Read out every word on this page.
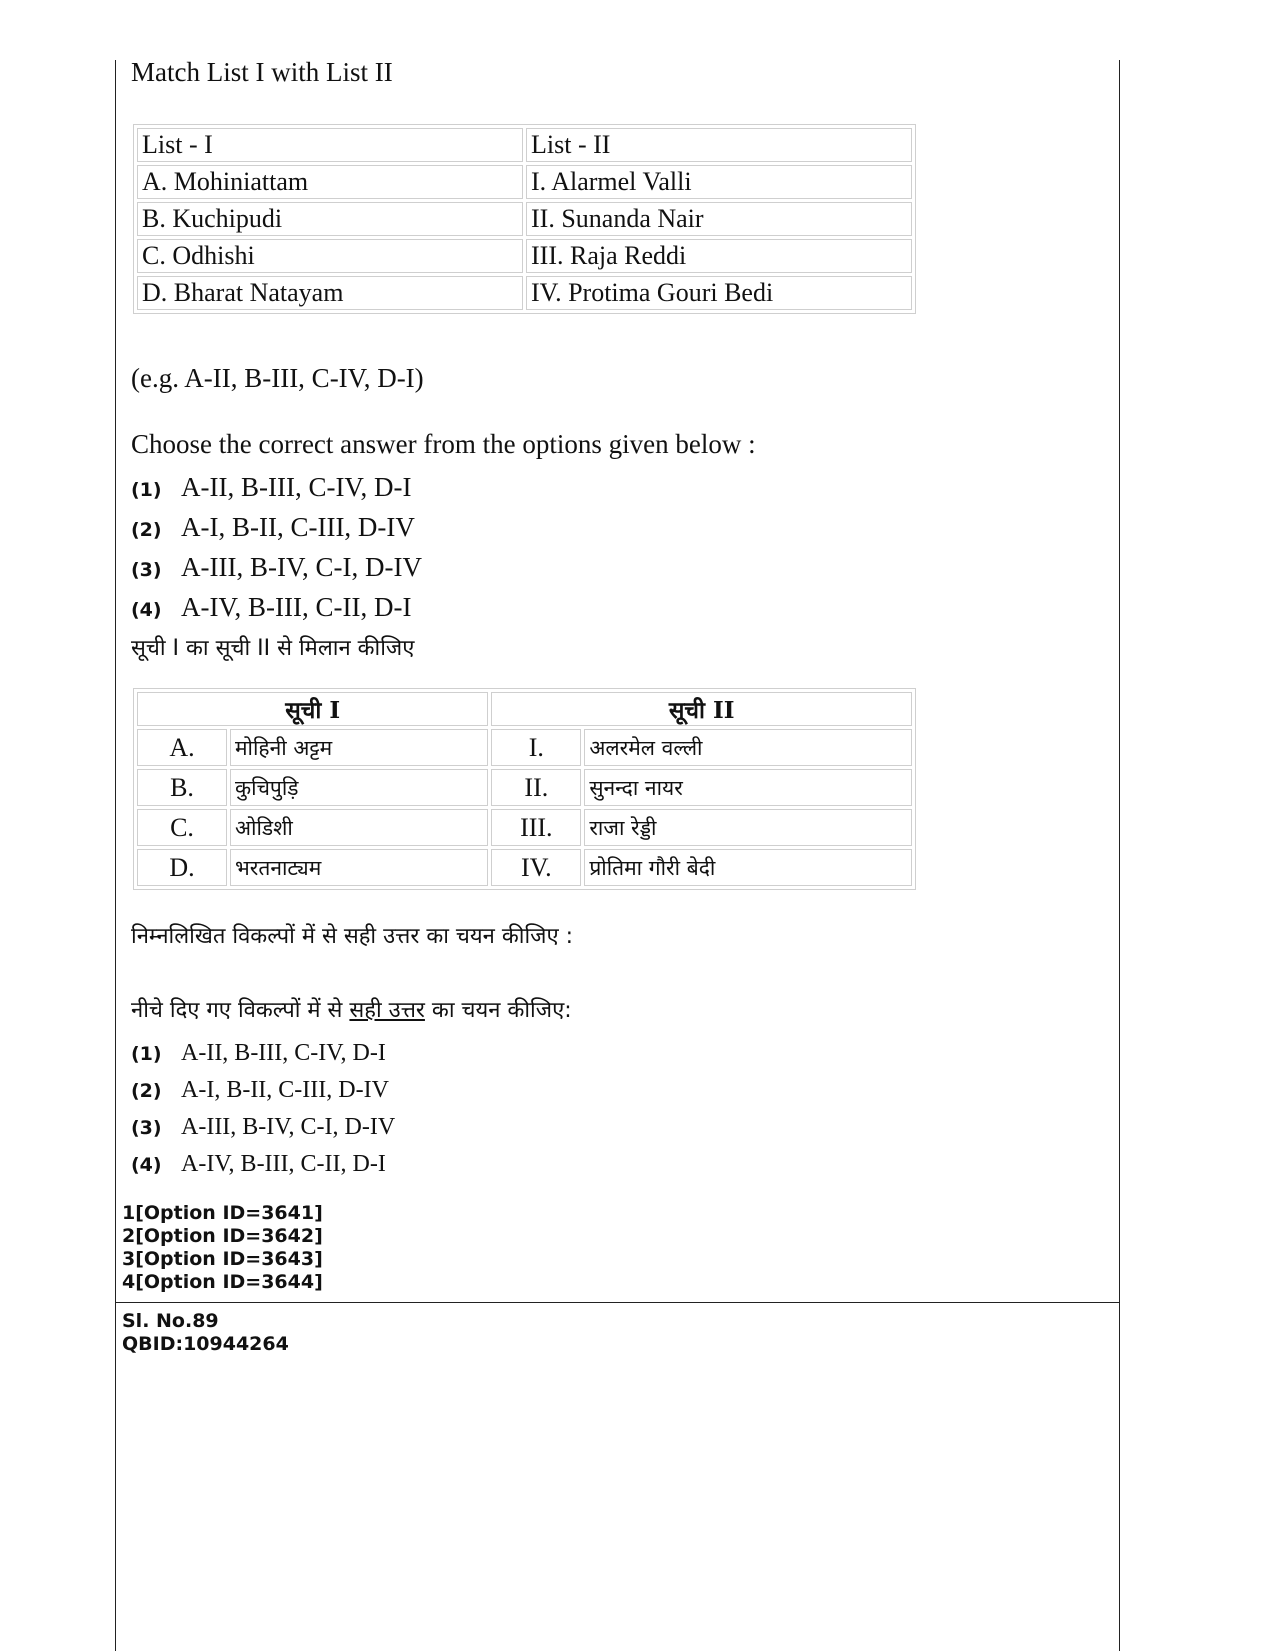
Match List I with List II
List - I	List - II
A. Mohiniattam	I. Alarmel Valli
B. Kuchipudi	II. Sunanda Nair
C. Odhishi	III. Raja Reddi
D. Bharat Natayam	IV. Protima Gouri Bedi
(e.g. A-II, B-III, C-IV, D-I)
Choose the correct answer from the options given below :
(1) A-II, B-III, C-IV, D-I
(2) A-I, B-II, C-III, D-IV
(3) A-III, B-IV, C-I, D-IV
(4) A-IV, B-III, C-II, D-I
सूची I का सूची II से मिलान कीजिए
सूची I		सूची II	
A.	मोहिनी अट्टम	I.	अलरमेल वल्ली
B.	कुचिपुड़ि	II.	सुनन्दा नायर
C.	ओडिशी	III.	राजा रेड्डी
D.	भरतनाट्यम	IV.	प्रोतिमा गौरी बेदी
निम्नलिखित विकल्पों में से सही उत्तर का चयन कीजिए :
नीचे दिए गए विकल्पों में से सही उत्तर का चयन कीजिए:
(1) A-II, B-III, C-IV, D-I
(2) A-I, B-II, C-III, D-IV
(3) A-III, B-IV, C-I, D-IV
(4) A-IV, B-III, C-II, D-I
1[Option ID=3641]
2[Option ID=3642]
3[Option ID=3643]
4[Option ID=3644]
Sl. No.89
QBID:10944264
